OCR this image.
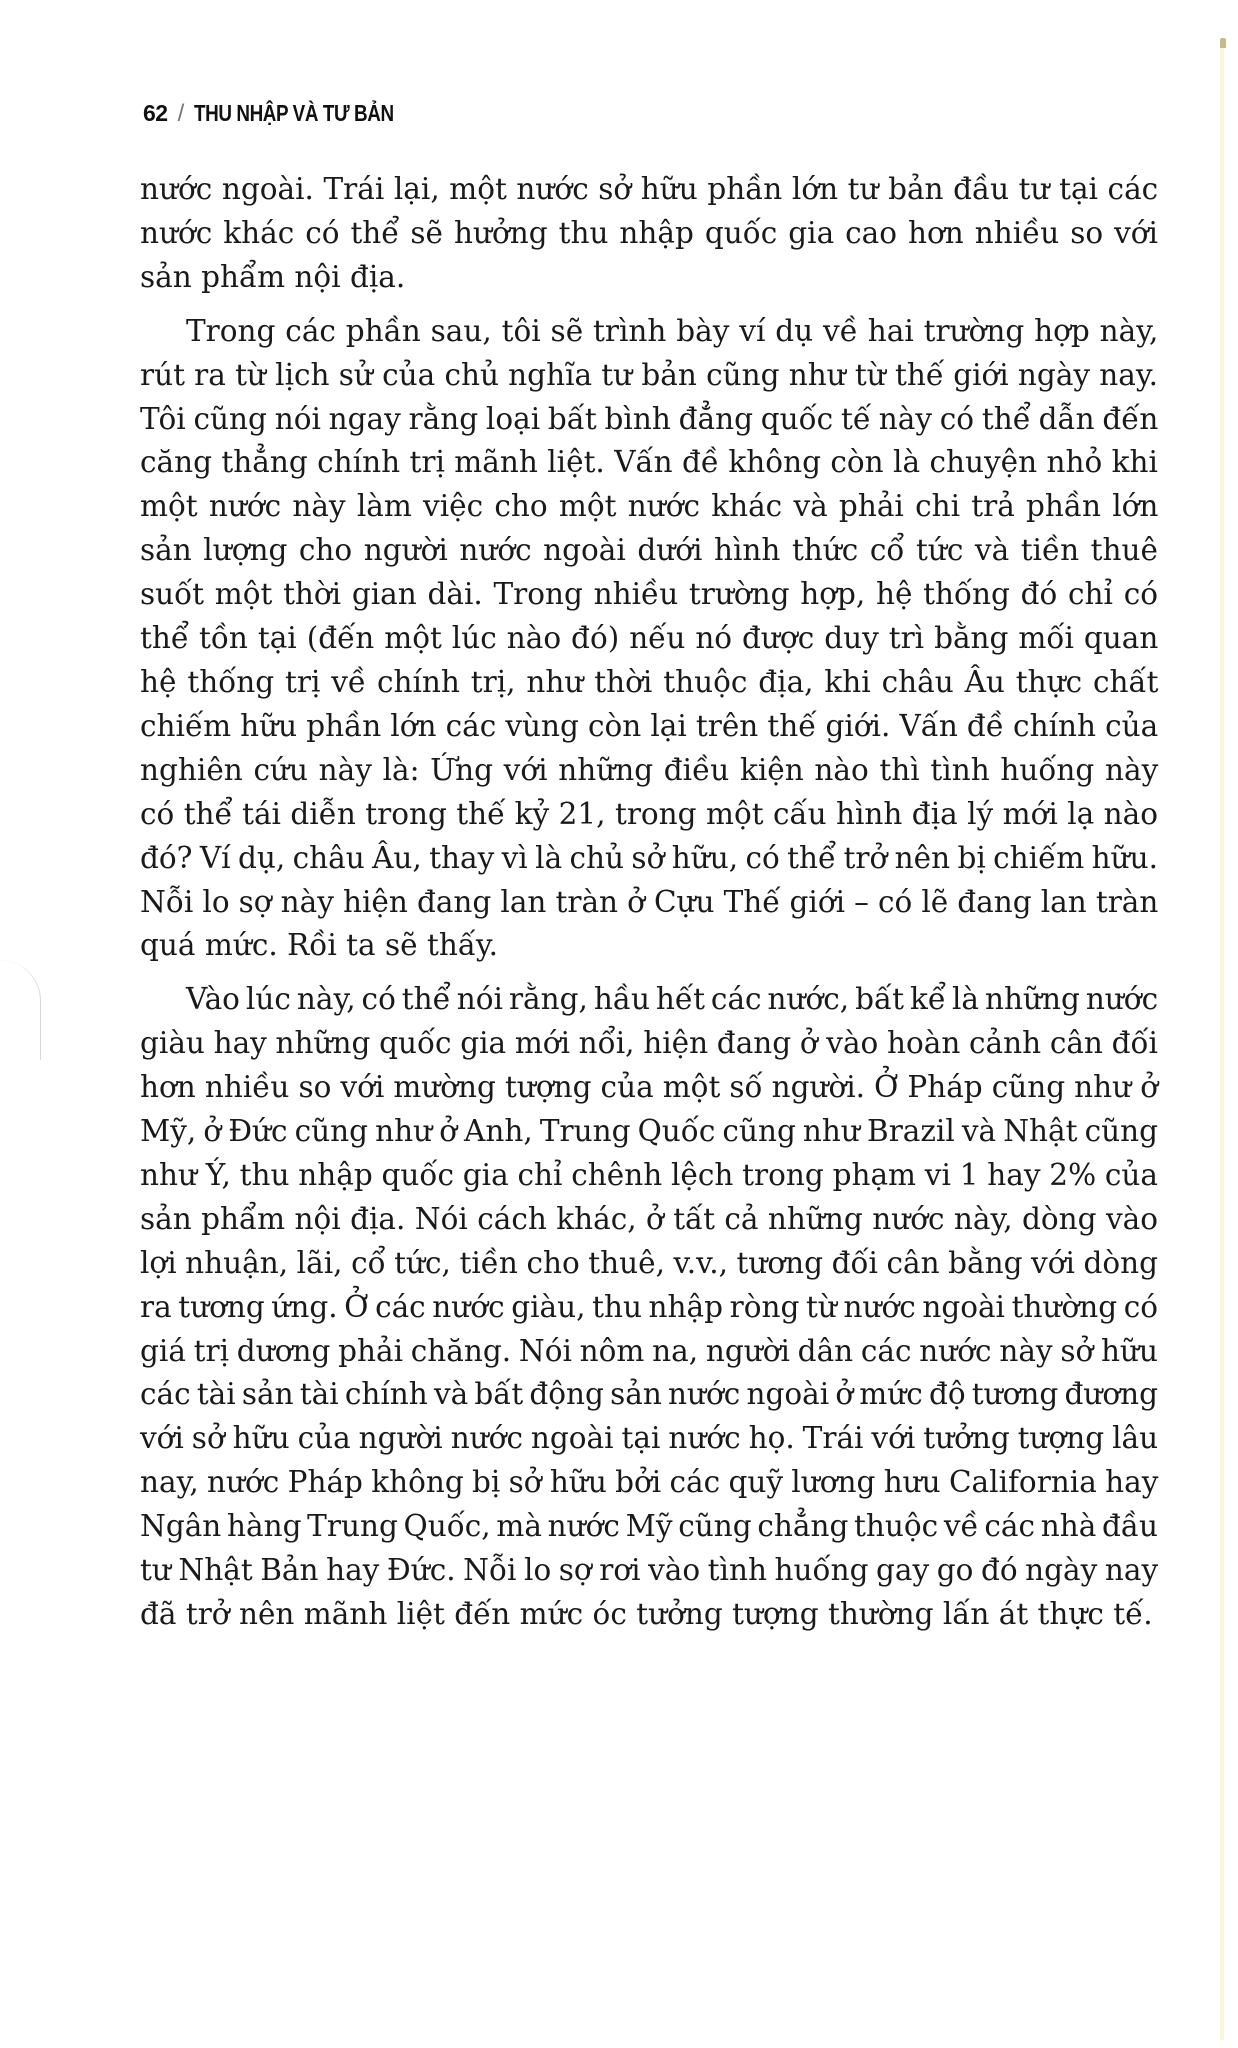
62 / THU NHẬP VÀ TƯ BẢN
nước ngoài. Trái lại, một nước sở hữu phần lớn tư bản đầu tư tại các
nước khác có thể sẽ hưởng thu nhập quốc gia cao hơn nhiều so với
sản phẩm nội địa.
Trong các phần sau, tôi sẽ trình bày ví dụ về hai trường hợp này,
rút ra từ lịch sử của chủ nghĩa tư bản cũng như từ thế giới ngày nay.
Tôi cũng nói ngay rằng loại bất bình đẳng quốc tế này có thể dẫn đến
căng thẳng chính trị mãnh liệt. Vấn đề không còn là chuyện nhỏ khi
một nước này làm việc cho một nước khác và phải chi trả phần lớn
sản lượng cho người nước ngoài dưới hình thức cổ tức và tiền thuê
suốt một thời gian dài. Trong nhiều trường hợp, hệ thống đó chỉ có
thể tồn tại (đến một lúc nào đó) nếu nó được duy trì bằng mối quan
hệ thống trị về chính trị, như thời thuộc địa, khi châu Âu thực chất
chiếm hữu phần lớn các vùng còn lại trên thế giới. Vấn đề chính của
nghiên cứu này là: Ứng với những điều kiện nào thì tình huống này
có thể tái diễn trong thế kỷ 21, trong một cấu hình địa lý mới lạ nào
đó? Ví dụ, châu Âu, thay vì là chủ sở hữu, có thể trở nên bị chiếm hữu.
Nỗi lo sợ này hiện đang lan tràn ở Cựu Thế giới – có lẽ đang lan tràn
quá mức. Rồi ta sẽ thấy.
Vào lúc này, có thể nói rằng, hầu hết các nước, bất kể là những nước
giàu hay những quốc gia mới nổi, hiện đang ở vào hoàn cảnh cân đối
hơn nhiều so với mường tượng của một số người. Ở Pháp cũng như ở
Mỹ, ở Đức cũng như ở Anh, Trung Quốc cũng như Brazil và Nhật cũng
như Ý, thu nhập quốc gia chỉ chênh lệch trong phạm vi 1 hay 2% của
sản phẩm nội địa. Nói cách khác, ở tất cả những nước này, dòng vào
lợi nhuận, lãi, cổ tức, tiền cho thuê, v.v., tương đối cân bằng với dòng
ra tương ứng. Ở các nước giàu, thu nhập ròng từ nước ngoài thường có
giá trị dương phải chăng. Nói nôm na, người dân các nước này sở hữu
các tài sản tài chính và bất động sản nước ngoài ở mức độ tương đương
với sở hữu của người nước ngoài tại nước họ. Trái với tưởng tượng lâu
nay, nước Pháp không bị sở hữu bởi các quỹ lương hưu California hay
Ngân hàng Trung Quốc, mà nước Mỹ cũng chẳng thuộc về các nhà đầu
tư Nhật Bản hay Đức. Nỗi lo sợ rơi vào tình huống gay go đó ngày nay
đã trở nên mãnh liệt đến mức óc tưởng tượng thường lấn át thực tế.
